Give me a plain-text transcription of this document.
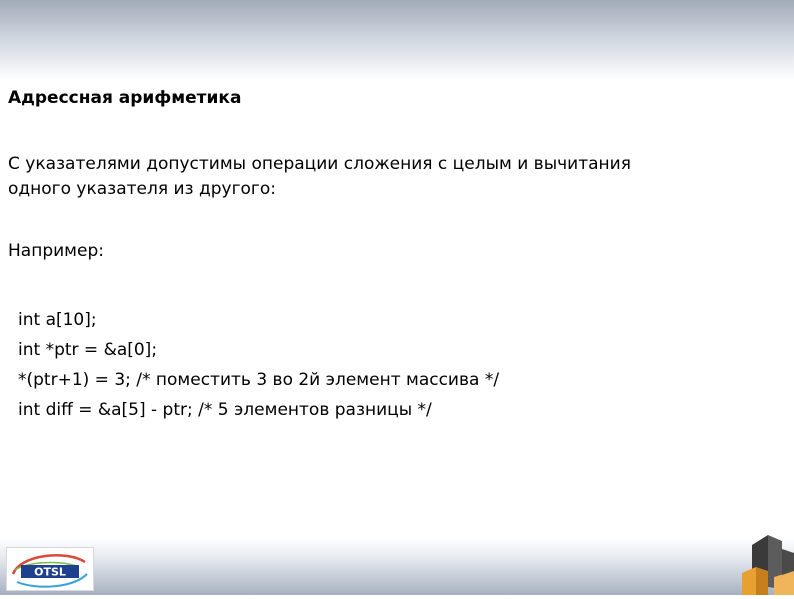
Адрессная арифметика
С указателями допустимы операции сложения с целым и вычитания
одного указателя из другого:
Например:
int a[10];
int *ptr = &a[0];
*(ptr+1) = 3; /* поместить 3 во 2й элемент массива */
int diff = &a[5] - ptr; /* 5 элементов разницы */
OTSL
